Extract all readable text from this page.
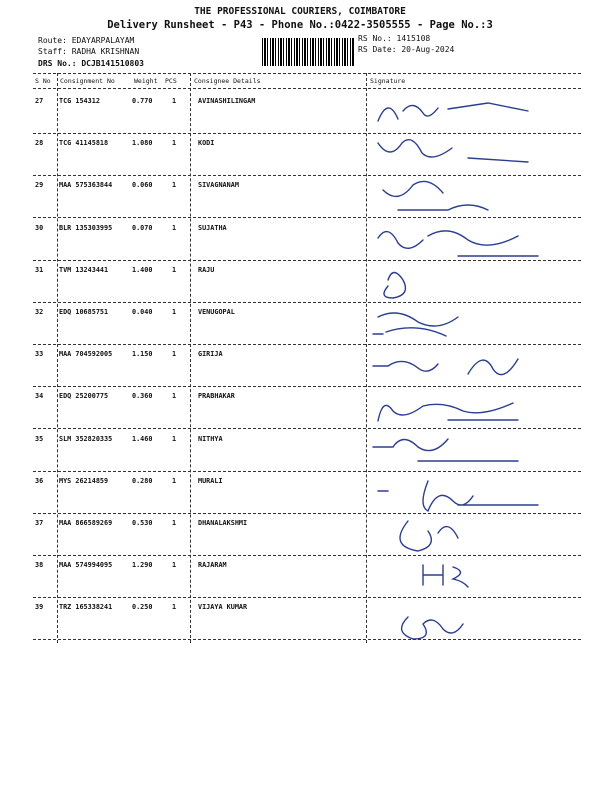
THE PROFESSIONAL COURIERS, COIMBATORE
Delivery Runsheet - P43 - Phone No.:0422-3505555 - Page No.:3
Route: EDAYARPALAYAM
Staff: RADHA KRISHNAN
DRS No.: DCJB141510803
RS No.: 1415108
RS Date: 20-Aug-2024
S No Consignment No	Weight PCS	Consignee Details	Signature
27 TCG 154312	0.770	1	AVINASHILINGAM
28 TCG 41145818	1.080	1	KODI
29 MAA 575363844	0.060	1	SIVAGNANAM
30 BLR 135303995	0.070	1	SUJATHA
31 TVM 13243441	1.400	1	RAJU
32 EDQ 10685751	0.040	1	VENUGOPAL
33 MAA 704592005	1.150	1	GIRIJA
34 EDQ 25200775	0.360	1	PRABHAKAR
35 SLM 352820335	1.460	1	NITHYA
36 MYS 26214859	0.280	1	MURALI
37 MAA 866589269	0.530	1	DHANALAKSHMI
38 MAA 574994095	1.290	1	RAJARAM
39 TRZ 165338241	0.250	1	VIJAYA KUMAR
